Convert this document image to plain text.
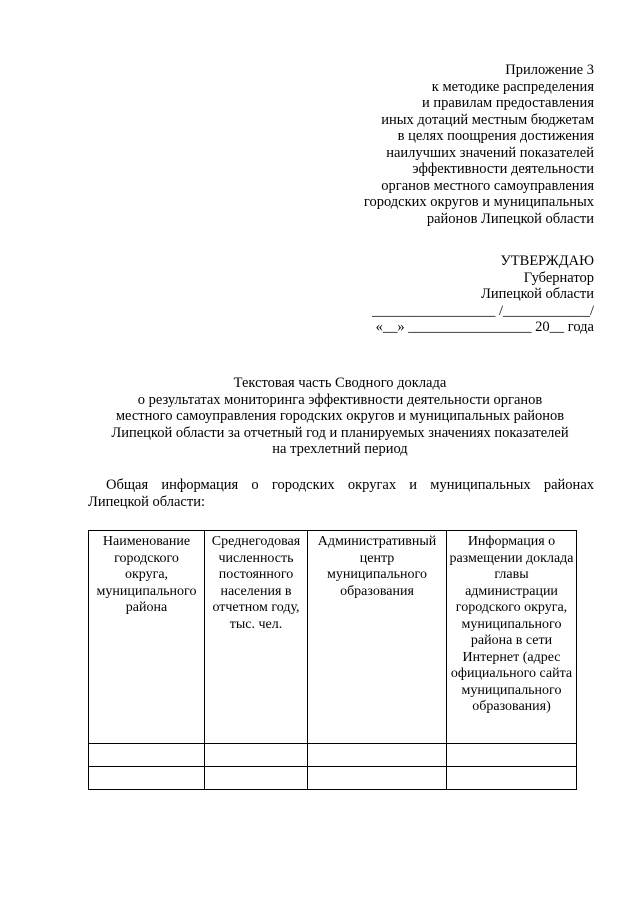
Приложение 3
к методике распределения
и правилам предоставления
иных дотаций местным бюджетам
в целях поощрения достижения
наилучших значений показателей
эффективности деятельности
органов местного самоуправления
городских округов и муниципальных
районов Липецкой области
УТВЕРЖДАЮ
Губернатор
Липецкой области
_________________ /____________/
«__» _________________ 20__ года
Текстовая часть Сводного доклада
о результатах мониторинга эффективности деятельности органов
местного самоуправления городских округов и муниципальных районов
Липецкой области за отчетный год и планируемых значениях показателей
на трехлетний период
Общая информация о городских округах и муниципальных районах
Липецкой области:
Наименование городского округа, муниципального района	Среднегодовая численность постоянного населения в отчетном году, тыс. чел.	Административный центр муниципального образования	Информация о размещении доклада главы администрации городского округа, муниципального района в сети Интернет (адрес официального сайта муниципального образования)
